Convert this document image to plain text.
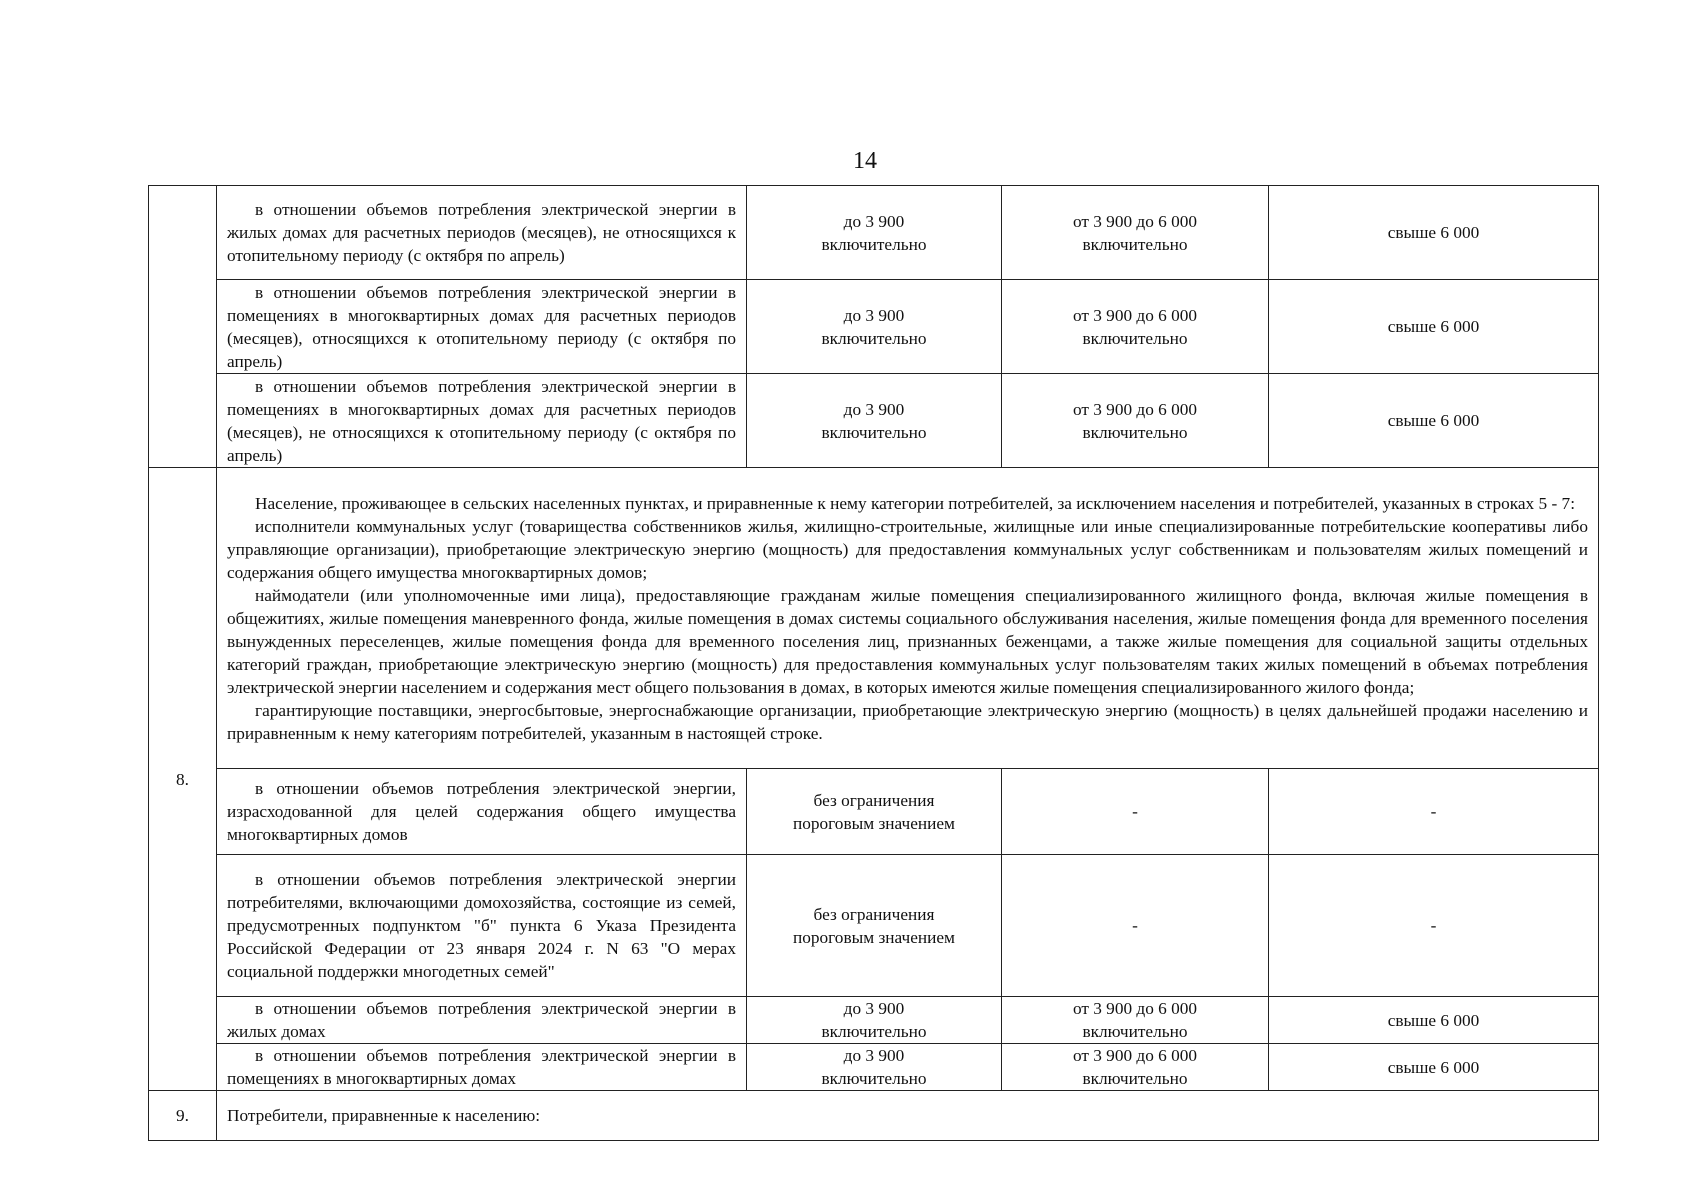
14

	в отношении объемов потребления электрической энергии в жилых домах для расчетных периодов (месяцев), не относящихся к отопительному периоду (с октября по апрель)	до 3 900
включительно	от 3 900 до 6 000
включительно	свыше 6 000

	в отношении объемов потребления электрической энергии в помещениях в многоквартирных домах для расчетных периодов (месяцев), относящихся к отопительному периоду (с октября по апрель)	до 3 900
включительно	от 3 900 до 6 000
включительно	свыше 6 000

	в отношении объемов потребления электрической энергии в помещениях в многоквартирных домах для расчетных периодов (месяцев), не относящихся к отопительному периоду (с октября по апрель)	до 3 900
включительно	от 3 900 до 6 000
включительно	свыше 6 000

8.	Население, проживающее в сельских населенных пунктах, и приравненные к нему категории потребителей, за исключением населения и потребителей, указанных в строках 5 - 7:

исполнители коммунальных услуг (товарищества собственников жилья, жилищно-строительные, жилищные или иные специализированные потребительские кооперативы либо управляющие организации), приобретающие электрическую энергию (мощность) для предоставления коммунальных услуг собственникам и пользователям жилых помещений и содержания общего имущества многоквартирных домов;

наймодатели (или уполномоченные ими лица), предоставляющие гражданам жилые помещения специализированного жилищного фонда, включая жилые помещения в общежитиях, жилые помещения маневренного фонда, жилые помещения в домах системы социального обслуживания населения, жилые помещения фонда для временного поселения вынужденных переселенцев, жилые помещения фонда для временного поселения лиц, признанных беженцами, а также жилые помещения для социальной защиты отдельных категорий граждан, приобретающие электрическую энергию (мощность) для предоставления коммунальных услуг пользователям таких жилых помещений в объемах потребления электрической энергии населением и содержания мест общего пользования в домах, в которых имеются жилые помещения специализированного жилого фонда;

гарантирующие поставщики, энергосбытовые, энергоснабжающие организации, приобретающие электрическую энергию (мощность) в целях дальнейшей продажи населению и приравненным к нему категориям потребителей, указанным в настоящей строке.			

	в отношении объемов потребления электрической энергии, израсходованной для целей содержания общего имущества многоквартирных домов	без ограничения
пороговым значением	-	-

	в отношении объемов потребления электрической энергии потребителями, включающими домохозяйства, состоящие из семей, предусмотренных подпунктом "б" пункта 6 Указа Президента Российской Федерации от 23 января 2024 г. N 63 "О мерах социальной поддержки многодетных семей"	без ограничения
пороговым значением	-	-

	в отношении объемов потребления электрической энергии в жилых домах	до 3 900
включительно	от 3 900 до 6 000
включительно	свыше 6 000

	в отношении объемов потребления электрической энергии в помещениях в многоквартирных домах	до 3 900
включительно	от 3 900 до 6 000
включительно	свыше 6 000

9.	Потребители, приравненные к населению:			
